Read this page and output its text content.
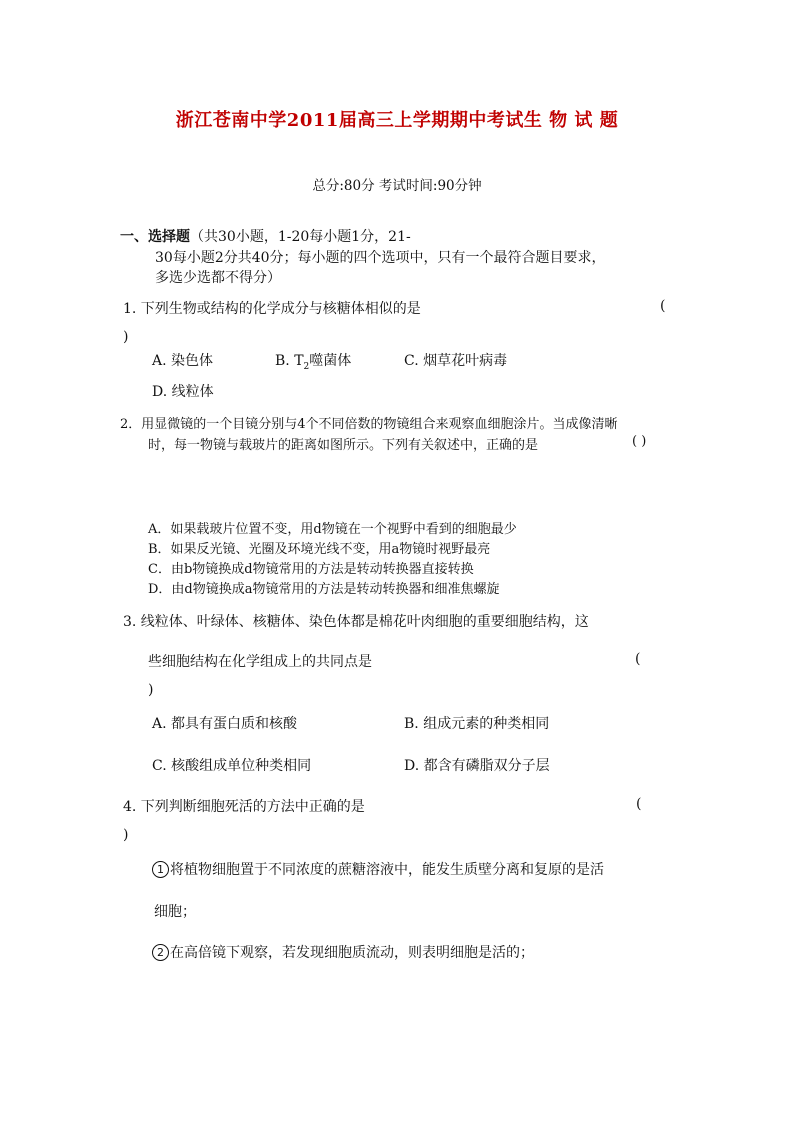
浙江苍南中学2011届高三上学期期中考试生 物 试 题
总分:80分 考试时间:90分钟
一、选择题（共30小题，1-20每小题1分，21-
30每小题2分共40分；每小题的四个选项中，只有一个最符合题目要求，
多选少选都不得分）
1. 下列生物或结构的化学成分与核糖体相似的是	(
)
A. 染色体	B. $T_2$噬菌体	C. 烟草花叶病毒
D. 线粒体
2．用显微镜的一个目镜分别与4个不同倍数的物镜组合来观察血细胞涂片。当成像清晰
时，每一物镜与载玻片的距离如图所示。下列有关叙述中，正确的是	( )
A．如果载玻片位置不变，用d物镜在一个视野中看到的细胞最少
B．如果反光镜、光圈及环境光线不变，用a物镜时视野最亮
C．由b物镜换成d物镜常用的方法是转动转换器直接转换
D．由d物镜换成a物镜常用的方法是转动转换器和细准焦螺旋
3. 线粒体、叶绿体、核糖体、染色体都是棉花叶肉细胞的重要细胞结构，这
些细胞结构在化学组成上的共同点是	(
)
A. 都具有蛋白质和核酸	B. 组成元素的种类相同
C. 核酸组成单位种类相同	D. 都含有磷脂双分子层
4. 下列判断细胞死活的方法中正确的是	(
)
1 将植物细胞置于不同浓度的蔗糖溶液中，能发生质壁分离和复原的是活
细胞；
2 在高倍镜下观察，若发现细胞质流动，则表明细胞是活的；
